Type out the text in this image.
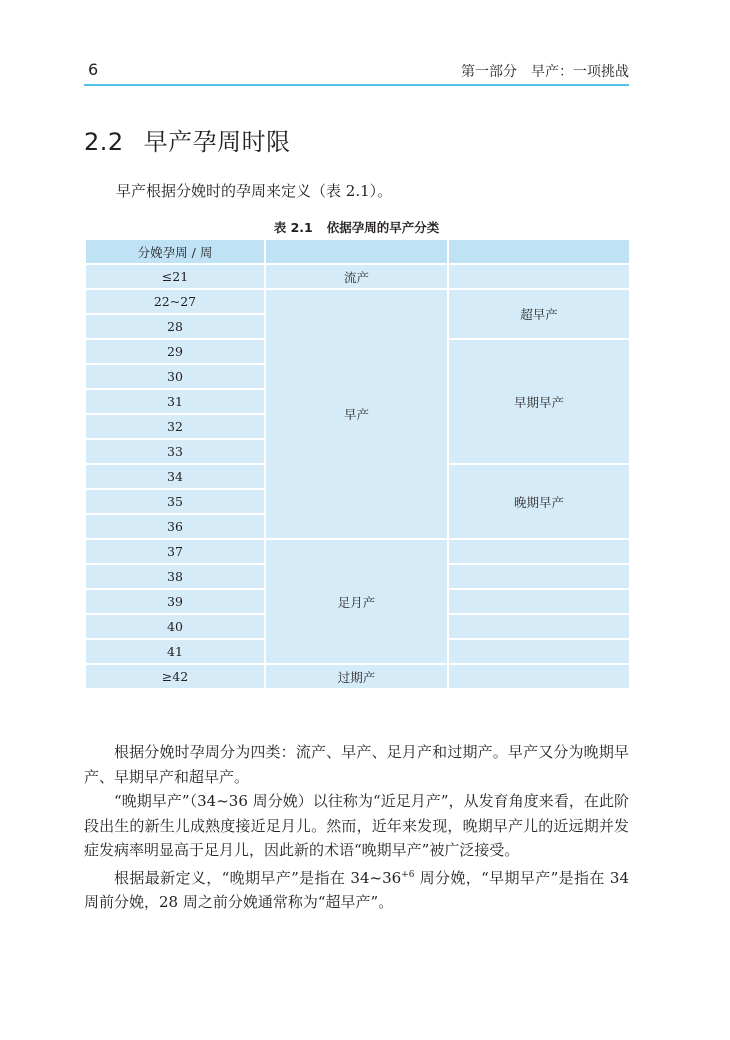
6	第一部分　早产：一项挑战
2.2 早产孕周时限
早产根据分娩时的孕周来定义（表 2.1）。
表 2.1 依据孕周的早产分类
分娩孕周 / 周		
≤21	流产	
22~27	早产	超早产
28		
29		早期早产
30		
31		
32		
33		
34		晚期早产
35		
36		
37	足月产	
38		
39		
40		
41		
≥42	过期产	

根据分娩时孕周分为四类：流产、早产、足月产和过期产。早产又分为晚期早产、早期早产和超早产。

“晚期早产”（34~36 周分娩）以往称为“近足月产”，从发育角度来看，在此阶段出生的新生儿成熟度接近足月儿。然而，近年来发现，晚期早产儿的近远期并发症发病率明显高于足月儿，因此新的术语“晚期早产”被广泛接受。

根据最新定义，“晚期早产”是指在 $34\sim 36^{+6}$ 周分娩，“早期早产”是指在 34 周前分娩，28 周之前分娩通常称为“超早产”。
